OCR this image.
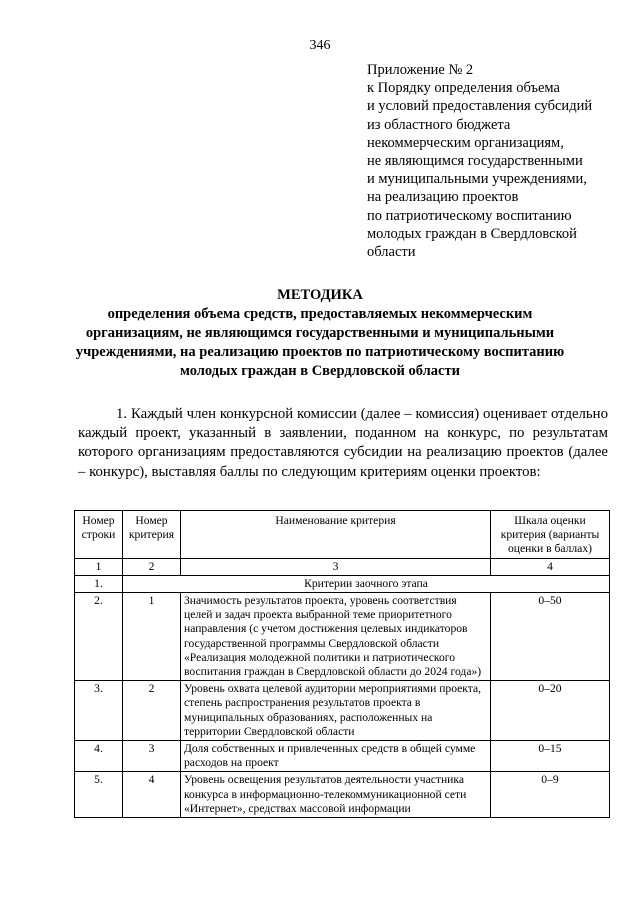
346
Приложение № 2
к Порядку определения объема
и условий предоставления субсидий
из областного бюджета
некоммерческим организациям,
не являющимся государственными
и муниципальными учреждениями,
на реализацию проектов
по патриотическому воспитанию
молодых граждан в Свердловской
области
МЕТОДИКА
определения объема средств, предоставляемых некоммерческим
организациям, не являющимся государственными и муниципальными
учреждениями, на реализацию проектов по патриотическому воспитанию
молодых граждан в Свердловской области
1. Каждый член конкурсной комиссии (далее – комиссия) оценивает отдельно каждый проект, указанный в заявлении, поданном на конкурс, по результатам которого организациям предоставляются субсидии на реализацию проектов (далее – конкурс), выставляя баллы по следующим критериям оценки проектов:
Номер строки	Номер критерия	Наименование критерия	Шкала оценки критерия (варианты оценки в баллах)
1	2	3	4
1.	Критерии заочного этапа		
2.	1	Значимость результатов проекта, уровень соответствия целей и задач проекта выбранной теме приоритетного направления (с учетом достижения целевых индикаторов государственной программы Свердловской области «Реализация молодежной политики и патриотического воспитания граждан в Свердловской области до 2024 года»)	0–50
3.	2	Уровень охвата целевой аудитории мероприятиями проекта, степень распространения результатов проекта в муниципальных образованиях, расположенных на территории Свердловской области	0–20
4.	3	Доля собственных и привлеченных средств в общей сумме расходов на проект	0–15
5.	4	Уровень освещения результатов деятельности участника конкурса в информационно-телекоммуникационной сети «Интернет», средствах массовой информации	0–9
